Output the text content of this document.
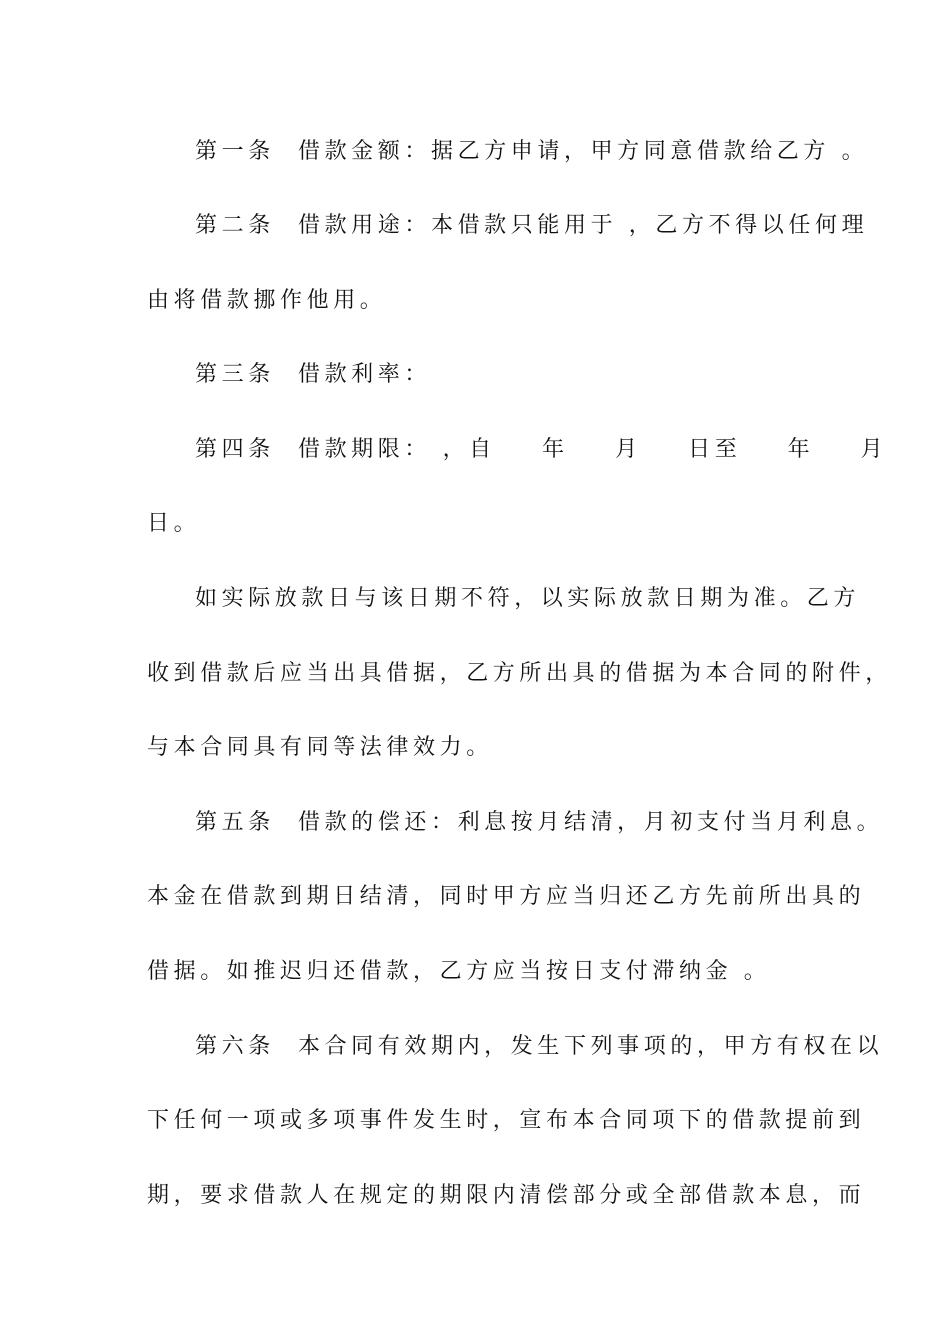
第一条  借款金额：据乙方申请，甲方同意借款给乙方 。
第二条  借款用途：本借款只能用于 ，乙方不得以任何理
由将借款挪作他用。
第三条  借款利率：
第四条  借款期限： ，自    年    月    日至    年    月
日。
如实际放款日与该日期不符，以实际放款日期为准。乙方
收到借款后应当出具借据，乙方所出具的借据为本合同的附件，
与本合同具有同等法律效力。
第五条  借款的偿还：利息按月结清，月初支付当月利息。
本金在借款到期日结清，同时甲方应当归还乙方先前所出具的
借据。如推迟归还借款，乙方应当按日支付滞纳金 。
第六条  本合同有效期内，发生下列事项的，甲方有权在以
下任何一项或多项事件发生时，宣布本合同项下的借款提前到
期，要求借款人在规定的期限内清偿部分或全部借款本息，而
